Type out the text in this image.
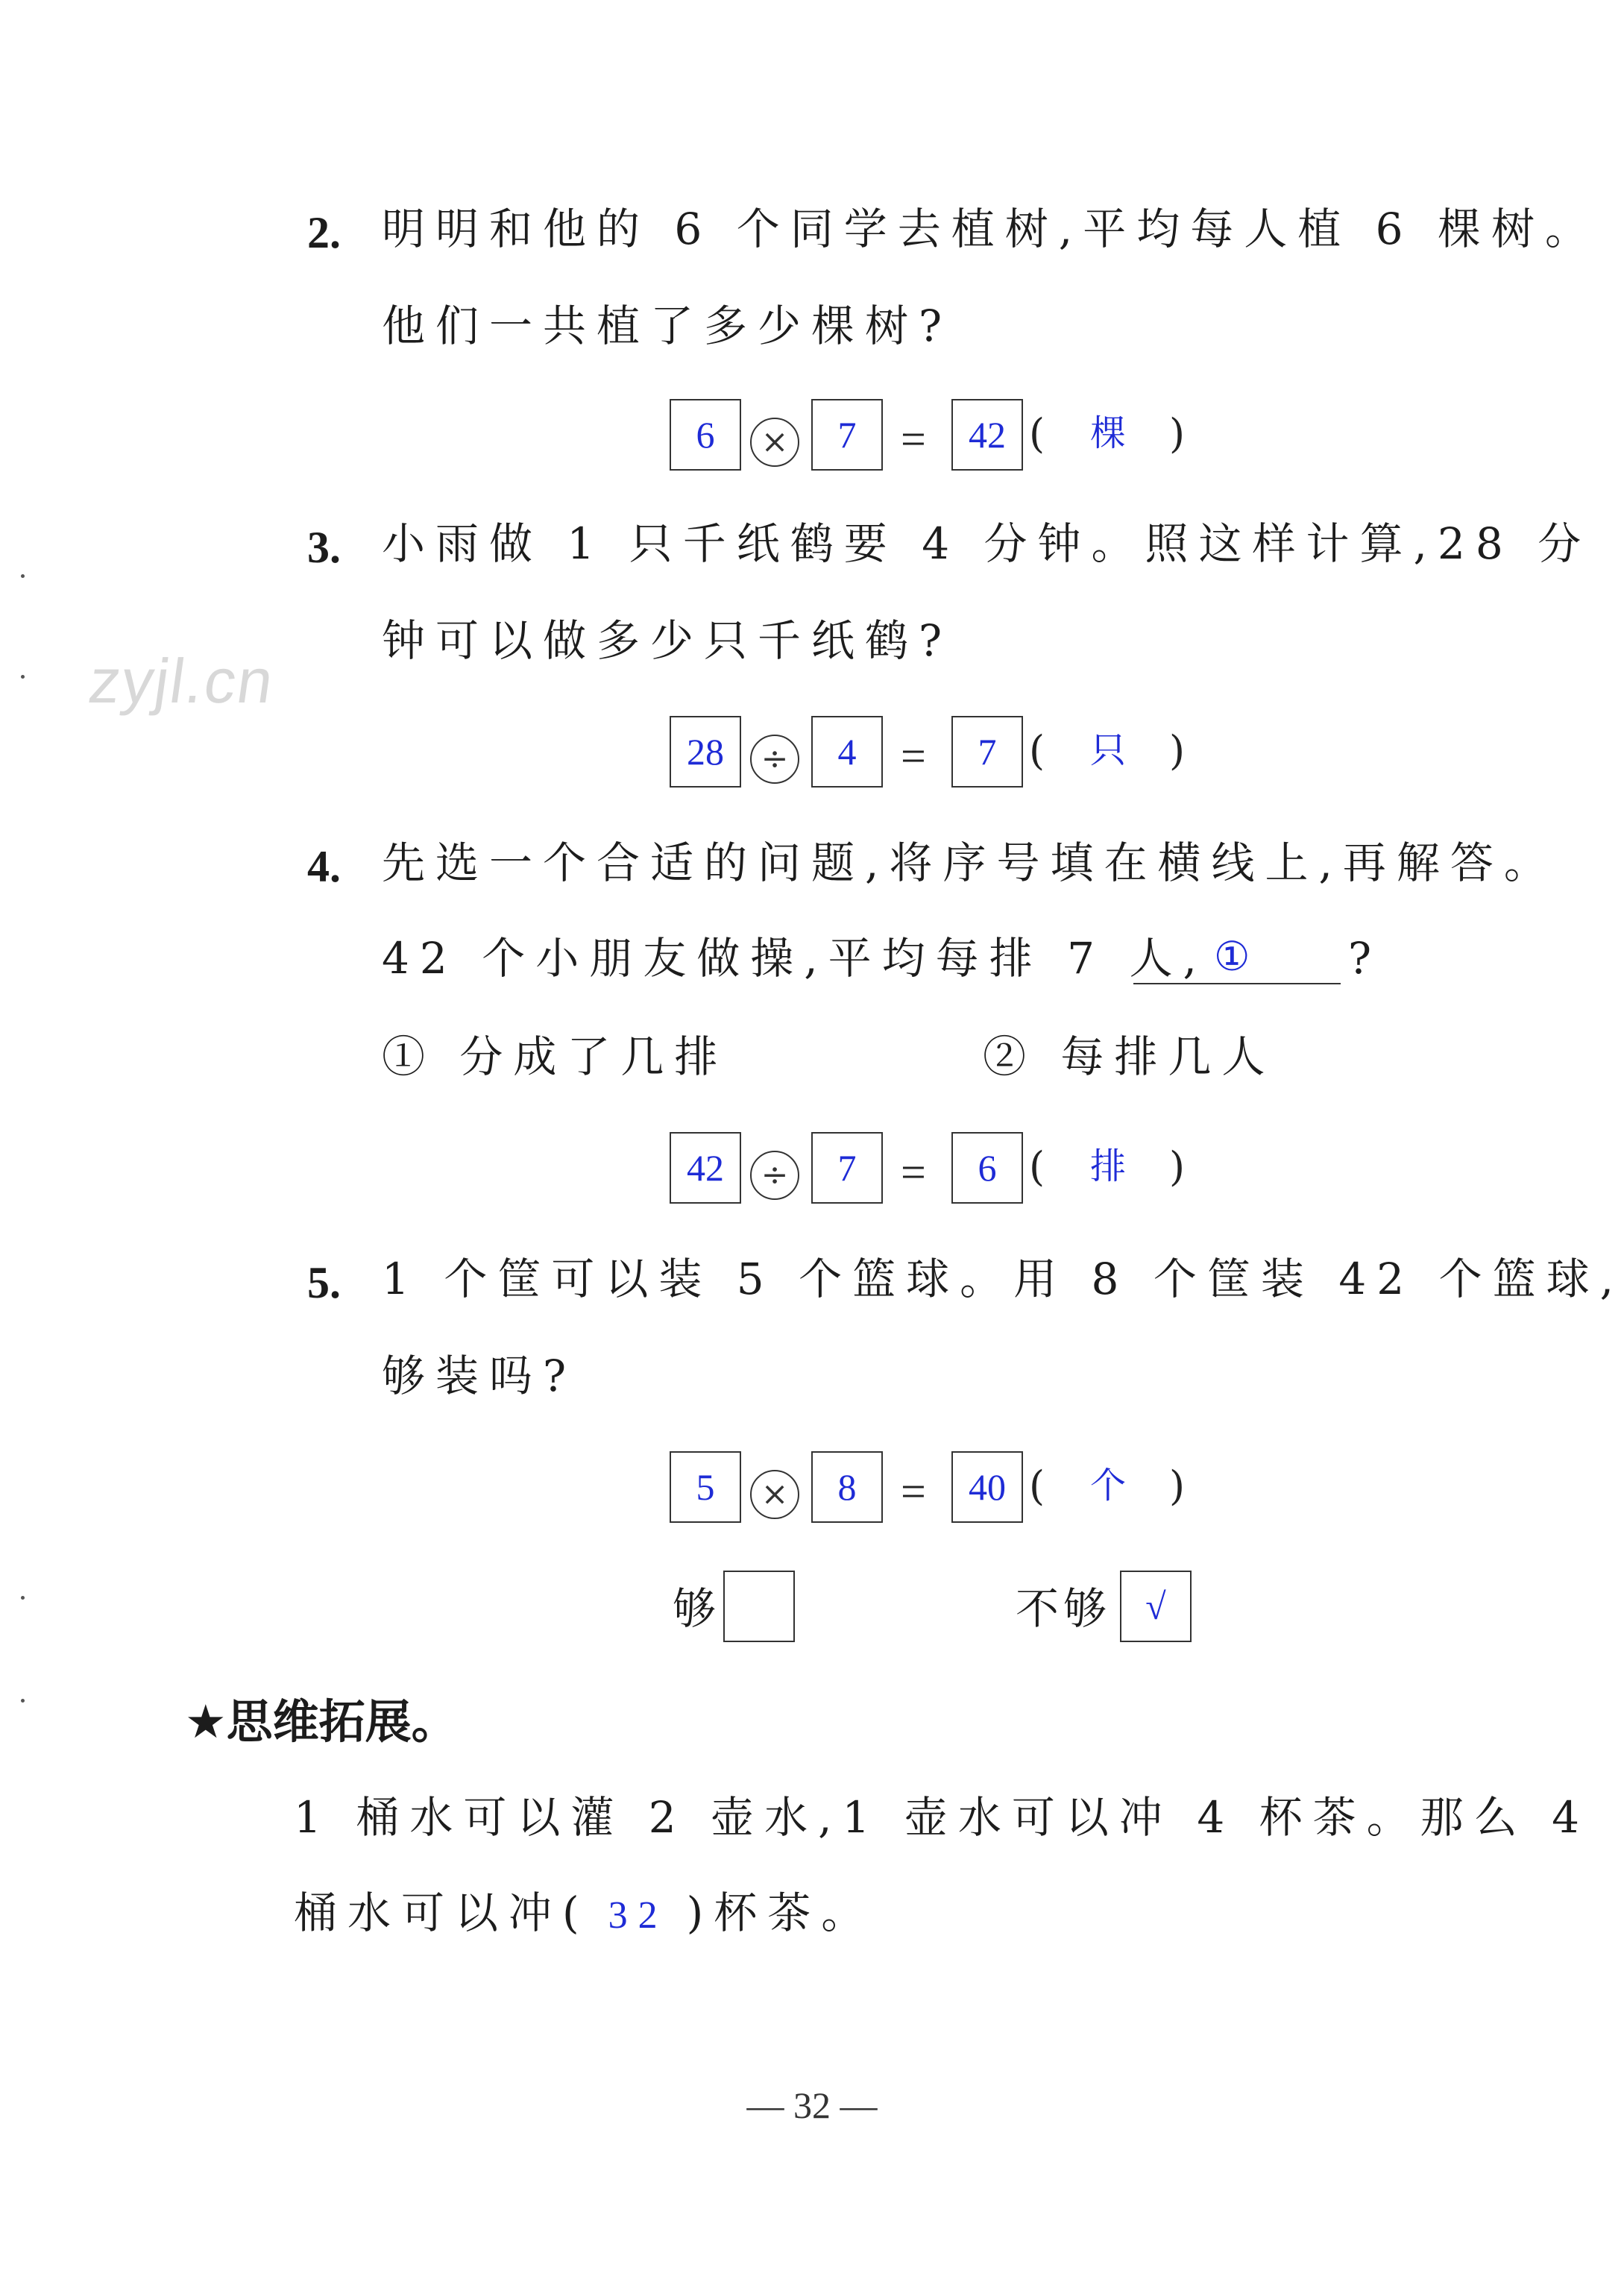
zyjl.cn
2. 明明和他的 6 个同学去植树,平均每人植 6 棵树。
他们一共植了多少棵树?
6	×	7 =	42 ( 棵 )
3. 小雨做 1 只千纸鹤要 4 分钟。照这样计算,28 分
钟可以做多少只千纸鹤?
28	÷	4 =	7 ( 只 )
4. 先选一个合适的问题,将序号填在横线上,再解答。
42 个小朋友做操,平均每排 7 人, ① ?
① 分成了几排	② 每排几人
42	÷	7 =	6 ( 排 )
5. 1 个筐可以装 5 个篮球。用 8 个筐装 42 个篮球,
够装吗?
5	×	8 =	40 ( 个 )
够	不够 √
★思维拓展。
1 桶水可以灌 2 壶水,1 壶水可以冲 4 杯茶。那么 4
桶水可以冲( 32 )杯茶。
— 32 —
